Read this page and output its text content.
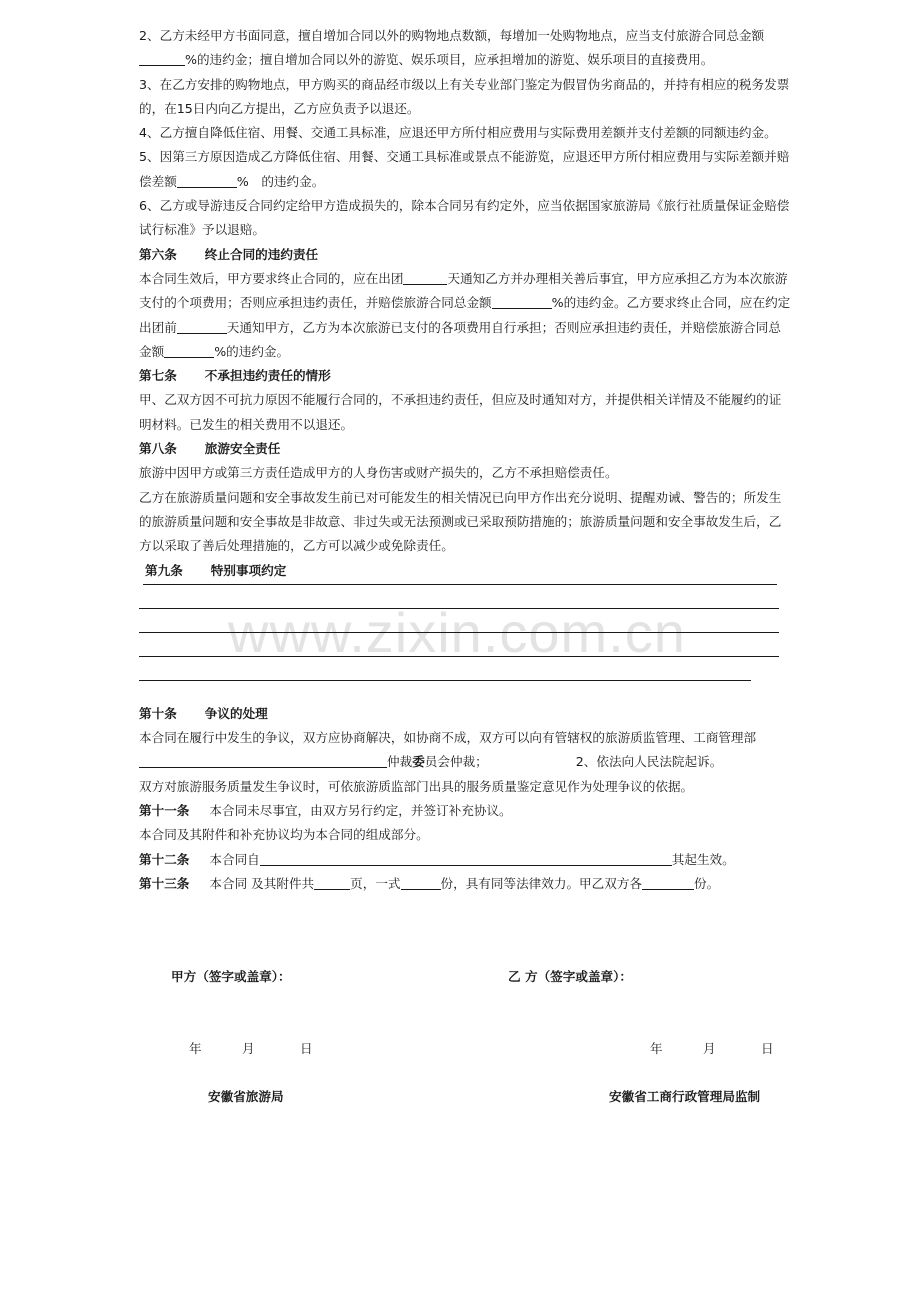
www.zixin.com.cn

2、乙方未经甲方书面同意，擅自增加合同以外的购物地点数额，每增加一处购物地点，应当支付旅游合同总金额%的违约金；擅自增加合同以外的游览、娱乐项目，应承担增加的游览、娱乐项目的直接费用。

3、在乙方安排的购物地点，甲方购买的商品经市级以上有关专业部门鉴定为假冒伪劣商品的，并持有相应的税务发票的，在15日内向乙方提出，乙方应负责予以退还。

4、乙方擅自降低住宿、用餐、交通工具标准，应退还甲方所付相应费用与实际费用差额并支付差额的同额违约金。

5、因第三方原因造成乙方降低住宿、用餐、交通工具标准或景点不能游览，应退还甲方所付相应费用与实际差额并赔偿差额	%　的违约金。

6、乙方或导游违反合同约定给甲方造成损失的，除本合同另有约定外，应当依据国家旅游局《旅行社质量保证金赔偿试行标准》予以退赔。

第六条 终止合同的违约责任

本合同生效后，甲方要求终止合同的，应在出团	天通知乙方并办理相关善后事宜，甲方应承担乙方为本次旅游支付的个项费用；否则应承担违约责任，并赔偿旅游合同总金额	%的违约金。乙方要求终止合同，应在约定出团前	天通知甲方，乙方为本次旅游已支付的各项费用自行承担；否则应承担违约责任，并赔偿旅游合同总金额	%的违约金。

第七条 不承担违约责任的情形

甲、乙双方因不可抗力原因不能履行合同的，不承担违约责任，但应及时通知对方，并提供相关详情及不能履约的证明材料。已发生的相关费用不以退还。

第八条 旅游安全责任

旅游中因甲方或第三方责任造成甲方的人身伤害或财产损失的，乙方不承担赔偿责任。

乙方在旅游质量问题和安全事故发生前已对可能发生的相关情况已向甲方作出充分说明、提醒劝诫、警告的；所发生的旅游质量问题和安全事故是非故意、非过失或无法预测或已采取预防措施的；旅游质量问题和安全事故发生后，乙方以采取了善后处理措施的，乙方可以减少或免除责任。

第九条 特别事项约定

第十条 争议的处理

本合同在履行中发生的争议，双方应协商解决，如协商不成，双方可以向有管辖权的旅游质监管理、工商管理部仲裁委员会仲裁；	2、依法向人民法院起诉。

双方对旅游服务质量发生争议时，可依旅游质监部门出具的服务质量鉴定意见作为处理争议的依据。

第十一条 本合同未尽事宜，由双方另行约定，并签订补充协议。

本合同及其附件和补充协议均为本合同的组成部分。

第十二条 本合同自	其起生效。

第十三条 本合同 及其附件共	页，一式	份，具有同等法律效力。甲乙双方各	份。

甲方（签字或盖章）：	乙 方（签字或盖章）：
年	月	日	年	月	日
安徽省旅游局	安徽省工商行政管理局监制
